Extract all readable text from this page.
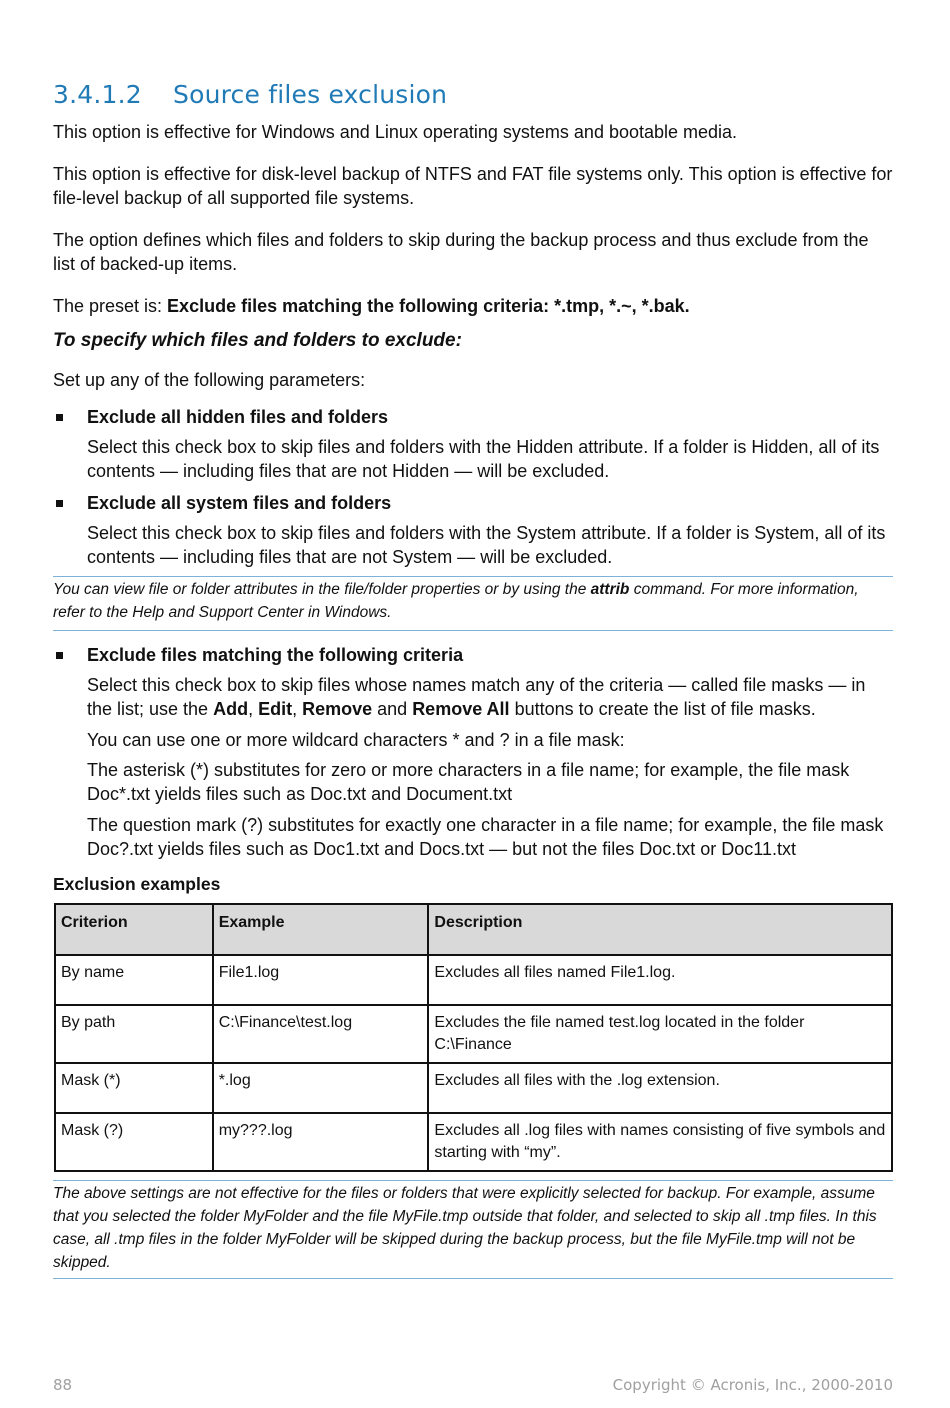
3.4.1.2 Source files exclusion

This option is effective for Windows and Linux operating systems and bootable media.

This option is effective for disk-level backup of NTFS and FAT file systems only. This option is effective for file-level backup of all supported file systems.

The option defines which files and folders to skip during the backup process and thus exclude from the list of backed-up items.

The preset is: Exclude files matching the following criteria: *.tmp, *.~, *.bak.

To specify which files and folders to exclude:

Set up any of the following parameters:

Exclude all hidden files and folders

Select this check box to skip files and folders with the Hidden attribute. If a folder is Hidden, all of its contents — including files that are not Hidden — will be excluded.

Exclude all system files and folders

Select this check box to skip files and folders with the System attribute. If a folder is System, all of its contents — including files that are not System — will be excluded.

You can view file or folder attributes in the file/folder properties or by using the attrib command. For more information, refer to the Help and Support Center in Windows.

Exclude files matching the following criteria

Select this check box to skip files whose names match any of the criteria — called file masks — in the list; use the Add, Edit, Remove and Remove All buttons to create the list of file masks.

You can use one or more wildcard characters * and ? in a file mask:

The asterisk (*) substitutes for zero or more characters in a file name; for example, the file mask Doc*.txt yields files such as Doc.txt and Document.txt

The question mark (?) substitutes for exactly one character in a file name; for example, the file mask Doc?.txt yields files such as Doc1.txt and Docs.txt — but not the files Doc.txt or Doc11.txt

Exclusion examples

Criterion	Example	Description
By name	File1.log	Excludes all files named File1.log.
By path	C:\Finance\test.log	Excludes the file named test.log located in the folder C:\Finance
Mask (*)	*.log	Excludes all files with the .log extension.
Mask (?)	my???.log	Excludes all .log files with names consisting of five symbols and starting with “my”.

The above settings are not effective for the files or folders that were explicitly selected for backup. For example, assume that you selected the folder MyFolder and the file MyFile.tmp outside that folder, and selected to skip all .tmp files. In this case, all .tmp files in the folder MyFolder will be skipped during the backup process, but the file MyFile.tmp will not be skipped.

88	Copyright © Acronis, Inc., 2000-2010
